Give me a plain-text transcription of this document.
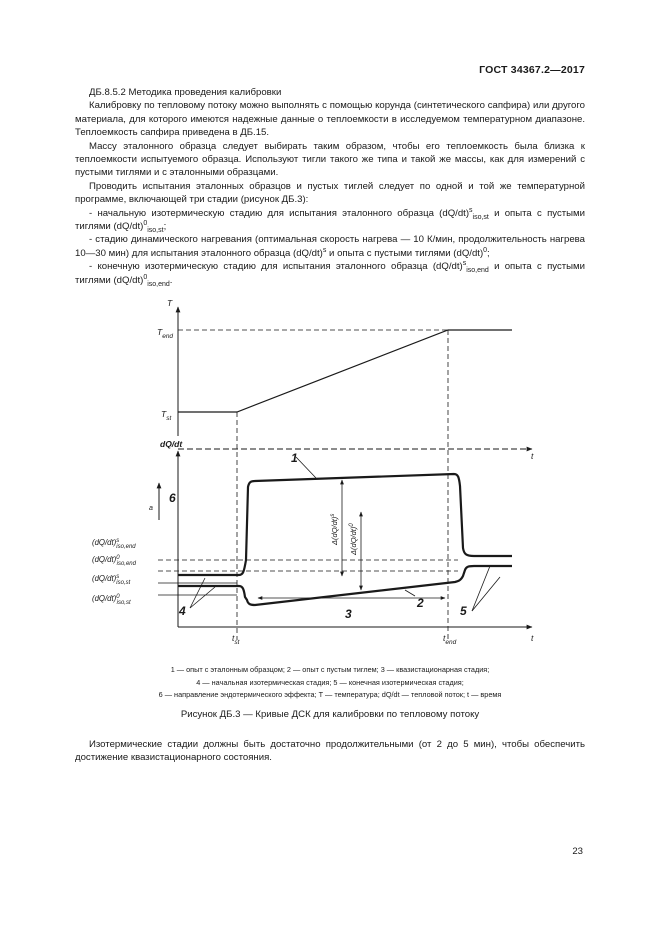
ГОСТ 34367.2—2017

ДБ.8.5.2 Методика проведения калибровки

Калибровку по тепловому потоку можно выполнять с помощью корунда (синтетического сапфира) или другого материала, для которого имеются надежные данные о теплоемкости в исследуемом температурном диапазоне. Теплоемкость сапфира приведена в ДБ.15.

Массу эталонного образца следует выбирать таким образом, чтобы его теплоемкость была близка к теплоемкости испытуемого образца. Используют тигли такого же типа и такой же массы, как для измерений с пустыми тиглями и с эталонными образцами.

Проводить испытания эталонных образцов и пустых тиглей следует по одной и той же температурной программе, включающей три стадии (рисунок ДБ.3):

- начальную изотермическую стадию для испытания эталонного образца $(dQ/dt)^s_{iso,st}$ и опыта с пустыми тиглями $(dQ/dt)^0_{iso,st}$;

- стадию динамического нагревания (оптимальная скорость нагрева — 10 К/мин, продолжительность нагрева 10—30 мин) для испытания эталонного образца $(dQ/dt)^s$ и опыта с пустыми тиглями $(dQ/dt)^0$;

- конечную изотермическую стадию для испытания эталонного образца $(dQ/dt)^s_{iso,end}$ и опыта с пустыми тиглями $(dQ/dt)^0_{iso,end}$.

T
$T_{end}$
$T_{st}$
dQ/dt
t
t
$t_{st}$	$t_{end}$
а
6
1
2
3
4	5
$\Delta(dQ/dt)^s$
$\Delta(dQ/dt)^0$
$(dQ/dt)^s$ iso,end
$(dQ/dt)^0$ iso,end
$(dQ/dt)^s$ iso,st
$(dQ/dt)^0$ iso,st
1 — опыт с эталонным образцом; 2 — опыт с пустым тиглем; 3 — квазистационарная стадия;
4 — начальная изотермическая стадия; 5 — конечная изотермическая стадия;
6 — направление эндотермического эффекта; T — температура; dQ/dt — тепловой поток; t — время
Рисунок ДБ.3 — Кривые ДСК для калибровки по тепловому потоку

Изотермические стадии должны быть достаточно продолжительными (от 2 до 5 мин), чтобы обеспечить достижение квазистационарного состояния.

23
